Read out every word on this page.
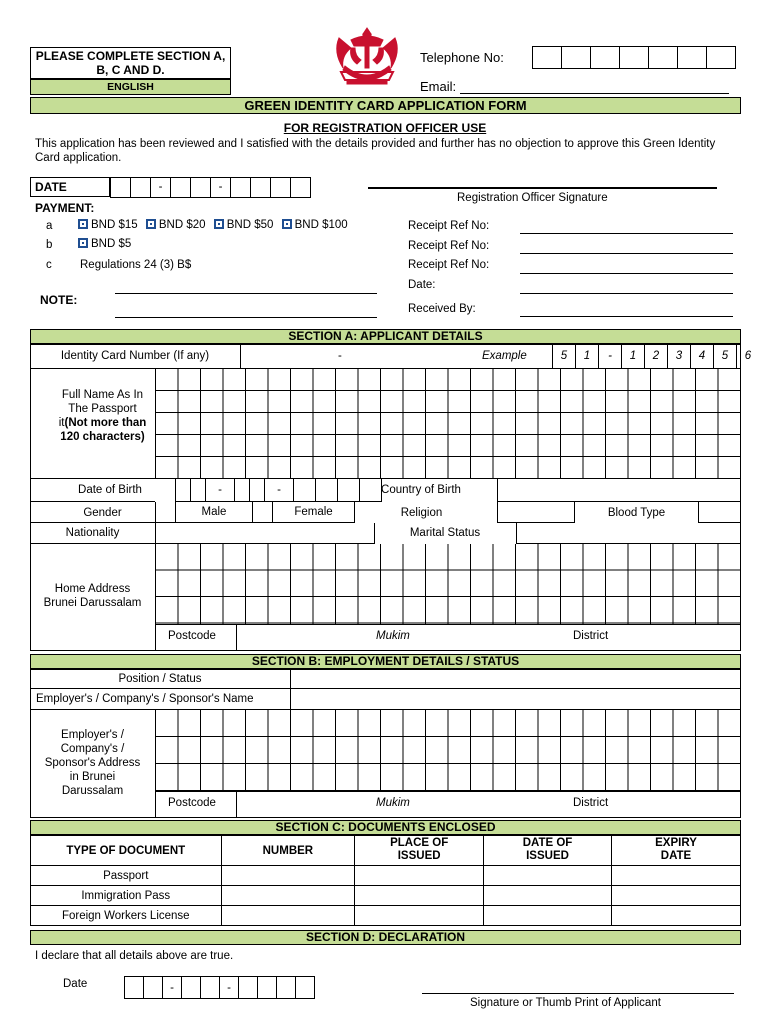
PLEASE COMPLETE SECTION A, B, C AND D.
ENGLISH
Telephone No:
Email:
GREEN IDENTITY CARD APPLICATION FORM
FOR REGISTRATION OFFICER USE
This application has been reviewed and I satisfied with the details provided and further has no objection to approve this Green Identity Card application.
DATE	-	-
Registration Officer Signature
PAYMENT:
a	BND $15 BND $20 BND $50 BND $100
b	BND $5
c Regulations 24 (3) B$
Receipt Ref No:
Receipt Ref No:
Receipt Ref No:
Date:
Received By:
NOTE:
SECTION A: APPLICANT DETAILS
Identity Card Number (If any)	-	Example	5	1	-	1	2	3	4	5	6
Full Name As In
The Passport
it(Not more than
120 characters)
Date of Birth	-	-	Country of Birth
Gender	Male	Female	Religion	Blood Type
Nationality	Marital Status
Home Address
Brunei Darussalam
Postcode	Mukim	District
SECTION B: EMPLOYMENT DETAILS / STATUS
Position / Status
Employer's / Company's / Sponsor's Name
Employer's /
Company's /
Sponsor's Address
in Brunei
Darussalam
Postcode	Mukim	District
SECTION C: DOCUMENTS ENCLOSED
TYPE OF DOCUMENT	NUMBER	PLACE OF ISSUED	DATE OF ISSUED	EXPIRY DATE
Passport				
Immigration Pass				
Foreign Workers License				
SECTION D: DECLARATION
I declare that all details above are true.
Date	-	-
Signature or Thumb Print of Applicant
